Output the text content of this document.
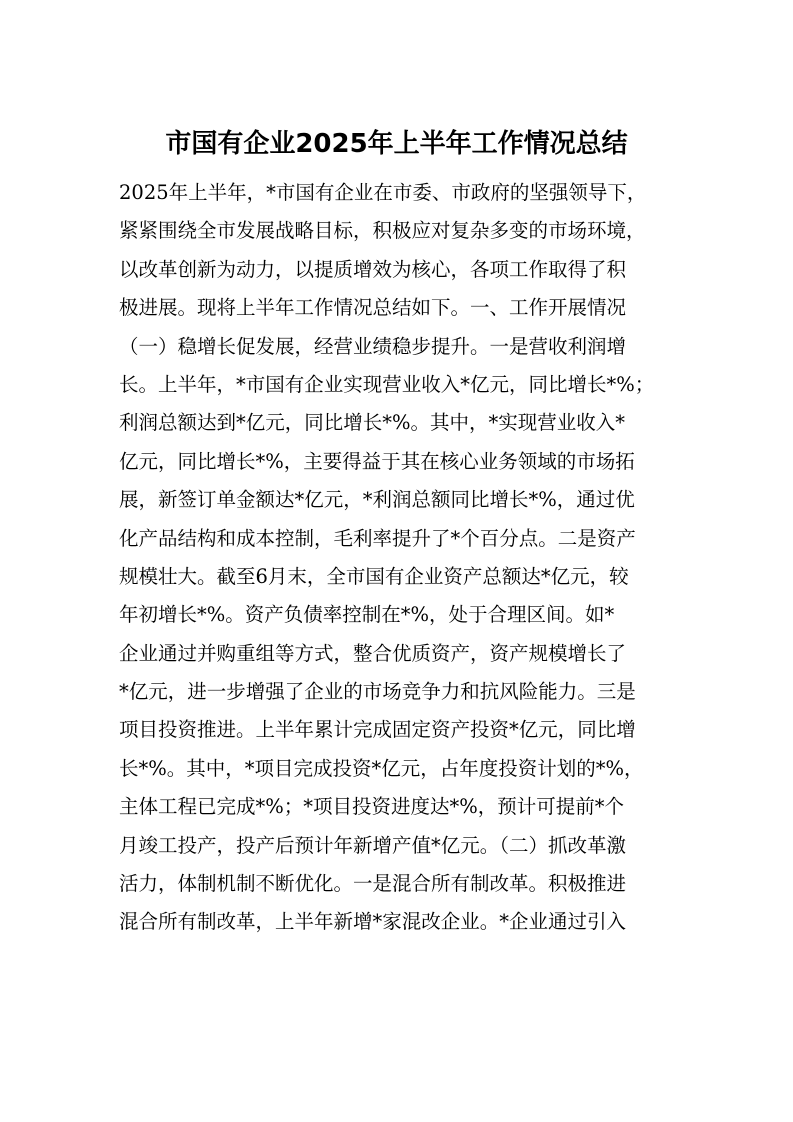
市国有企业2025年上半年工作情况总结
2025年上半年，*市国有企业在市委、市政府的坚强领导下，
紧紧围绕全市发展战略目标，积极应对复杂多变的市场环境，
以改革创新为动力，以提质增效为核心，各项工作取得了积
极进展。现将上半年工作情况总结如下。一、工作开展情况
（一）稳增长促发展，经营业绩稳步提升。一是营收利润增
长。上半年，*市国有企业实现营业收入*亿元，同比增长*%；
利润总额达到*亿元，同比增长*%。其中，*实现营业收入*
亿元，同比增长*%，主要得益于其在核心业务领域的市场拓
展，新签订单金额达*亿元，*利润总额同比增长*%，通过优
化产品结构和成本控制，毛利率提升了*个百分点。二是资产
规模壮大。截至6月末，全市国有企业资产总额达*亿元，较
年初增长*%。资产负债率控制在*%，处于合理区间。如*
企业通过并购重组等方式，整合优质资产，资产规模增长了
*亿元，进一步增强了企业的市场竞争力和抗风险能力。三是
项目投资推进。上半年累计完成固定资产投资*亿元，同比增
长*%。其中，*项目完成投资*亿元，占年度投资计划的*%，
主体工程已完成*%；*项目投资进度达*%，预计可提前*个
月竣工投产，投产后预计年新增产值*亿元。（二）抓改革激
活力，体制机制不断优化。一是混合所有制改革。积极推进
混合所有制改革，上半年新增*家混改企业。*企业通过引入
